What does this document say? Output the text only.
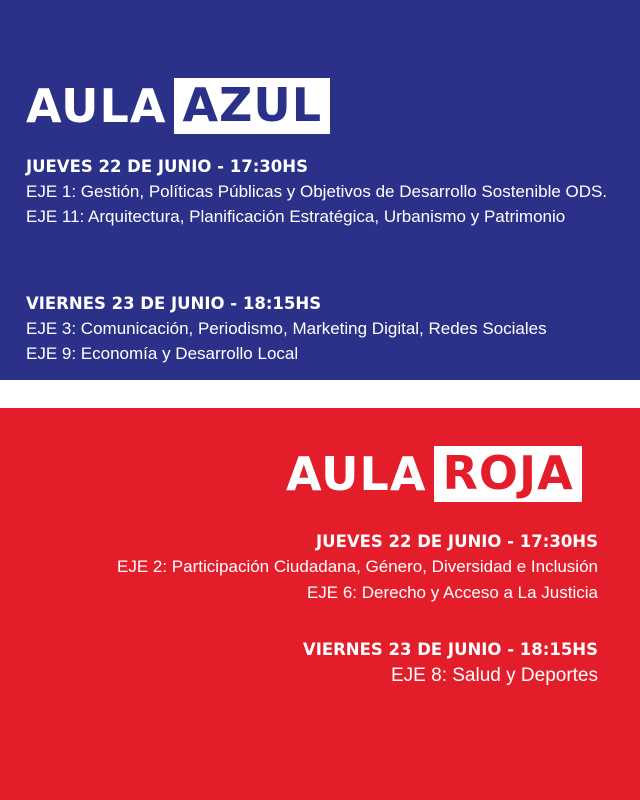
AULA AZUL
JUEVES 22 DE JUNIO - 17:30HS
EJE 1: Gestión, Políticas Públicas y Objetivos de Desarrollo Sostenible ODS.
EJE 11: Arquitectura, Planificación Estratégica, Urbanismo y Patrimonio
VIERNES 23 DE JUNIO - 18:15HS
EJE 3: Comunicación, Periodismo, Marketing Digital, Redes Sociales
EJE 9: Economía y Desarrollo Local
AULA ROJA
JUEVES 22 DE JUNIO - 17:30HS
EJE 2: Participación Ciudadana, Género, Diversidad e Inclusión
EJE 6: Derecho y Acceso a La Justicia
VIERNES 23 DE JUNIO - 18:15HS
EJE 8: Salud y Deportes
